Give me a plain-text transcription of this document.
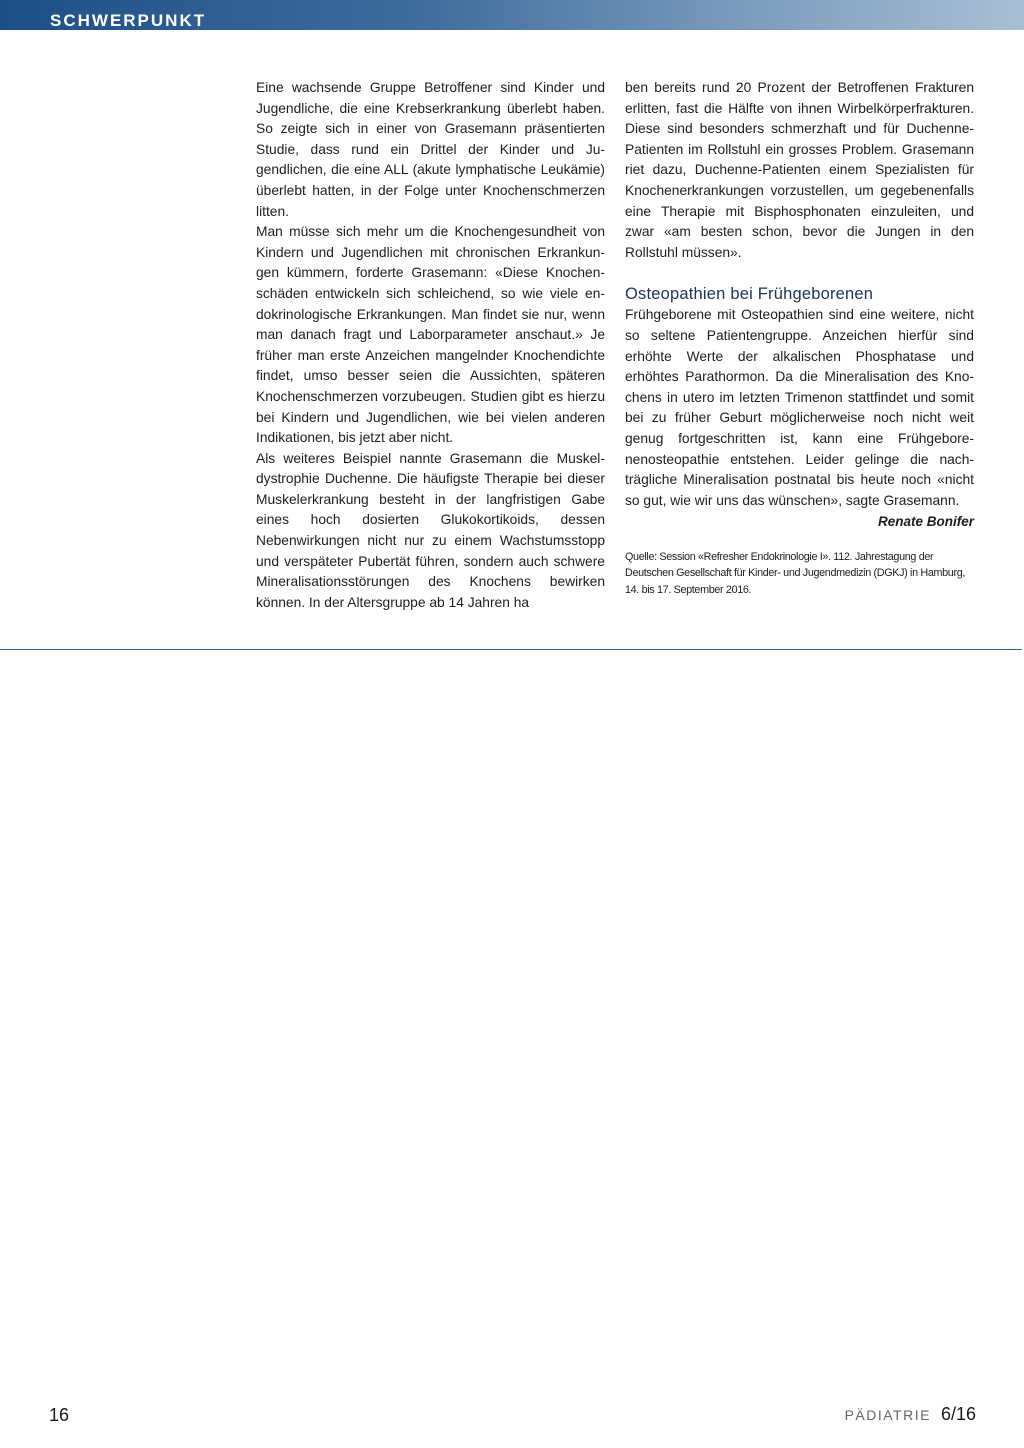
SCHWERPUNKT

Eine wachsende Gruppe Betroffener sind Kinder und Jugendliche, die eine Krebserkrankung überlebt haben. So zeigte sich in einer von Grasemann präsentierten Studie, dass rund ein Drittel der Kinder und Jugendlichen, die eine ALL (akute lymphatische Leukämie) überlebt hatten, in der Folge unter Knochenschmerzen litten.

Man müsse sich mehr um die Knochengesundheit von Kindern und Jugendlichen mit chronischen Erkrankungen kümmern, forderte Grasemann: «Diese Knochenschäden entwickeln sich schleichend, so wie viele endokrinologische Erkrankungen. Man findet sie nur, wenn man danach fragt und Laborparameter anschaut.» Je früher man erste Anzeichen mangelnder Knochendichte findet, umso besser seien die Aussichten, späteren Knochenschmerzen vorzubeugen. Studien gibt es hierzu bei Kindern und Jugendlichen, wie bei vielen anderen Indikationen, bis jetzt aber nicht.

Als weiteres Beispiel nannte Grasemann die Muskeldystrophie Duchenne. Die häufigste Therapie bei dieser Muskelerkrankung besteht in der langfristigen Gabe eines hoch dosierten Glukokortikoids, dessen Nebenwirkungen nicht nur zu einem Wachstumsstopp und verspäteter Pubertät führen, sondern auch schwere Mineralisationsstörungen des Knochens bewirken können. In der Altersgruppe ab 14 Jahren ha

ben bereits rund 20 Prozent der Betroffenen Frakturen erlitten, fast die Hälfte von ihnen Wirbelkörperfrakturen. Diese sind besonders schmerzhaft und für Duchenne-Patienten im Rollstuhl ein grosses Problem. Grasemann riet dazu, Duchenne-Patienten einem Spezialisten für Knochenerkrankungen vorzustellen, um gegebenenfalls eine Therapie mit Bisphosphonaten einzuleiten, und zwar «am besten schon, bevor die Jungen in den Rollstuhl müssen».

Osteopathien bei Frühgeborenen

Frühgeborene mit Osteopathien sind eine weitere, nicht so seltene Patientengruppe. Anzeichen hierfür sind erhöhte Werte der alkalischen Phosphatase und erhöhtes Parathormon. Da die Mineralisation des Knochens in utero im letzten Trimenon stattfindet und somit bei zu früher Geburt möglicherweise noch nicht weit genug fortgeschritten ist, kann eine Frühgeborenenosteopathie entstehen. Leider gelinge die nachträgliche Mineralisation postnatal bis heute noch «nicht so gut, wie wir uns das wünschen», sagte Grasemann.

Renate Bonifer
Quelle: Session «Refresher Endokrinologie I». 112. Jahrestagung der Deutschen Gesellschaft für Kinder- und Jugendmedizin (DGKJ) in Hamburg, 14. bis 17. September 2016.
16	PÄDIATRIE 6/16
